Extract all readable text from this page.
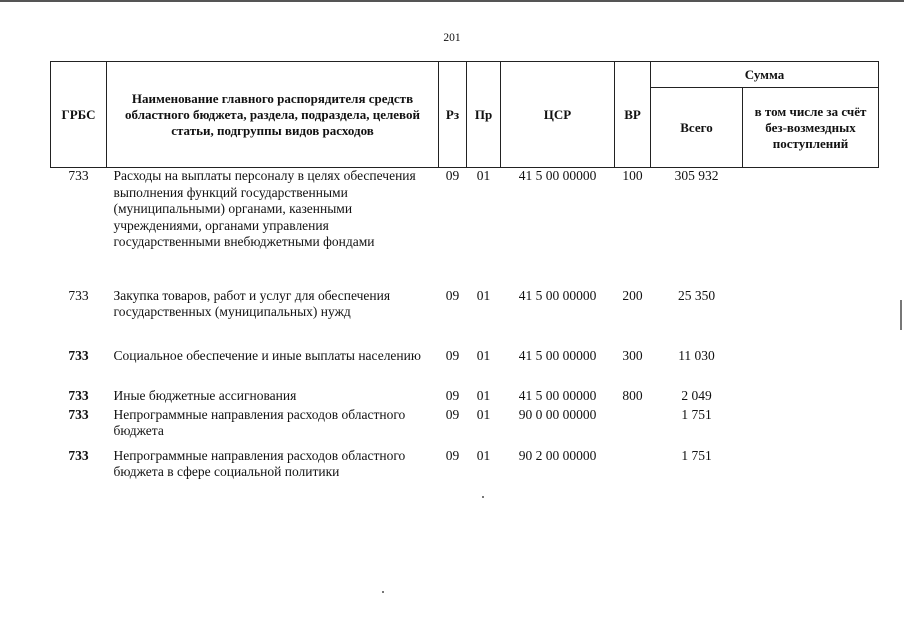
201
ГРБС	Наименование главного распорядителя средств областного бюджета, раздела, подраздела, целевой статьи, подгруппы видов расходов	Рз	Пр	ЦСР	ВР	Сумма	
						Всего	в том числе за счёт без-возмездных поступлений
733	Расходы на выплаты персоналу в целях обеспечения выполнения функций государственными (муниципальными) органами, казенными учреждениями, органами управления государственными внебюджетными фондами	09	01	41 5 00 00000	100	305 932	
733	Закупка товаров, работ и услуг для обеспечения государственных (муниципальных) нужд	09	01	41 5 00 00000	200	25 350	
733	Социальное обеспечение и иные выплаты населению	09	01	41 5 00 00000	300	11 030	
733	Иные бюджетные ассигнования	09	01	41 5 00 00000	800	2 049	
733	Непрограммные направления расходов областного бюджета	09	01	90 0 00 00000		1 751	
733	Непрограммные направления расходов областного бюджета в сфере социальной политики	09	01	90 2 00 00000		1 751	
